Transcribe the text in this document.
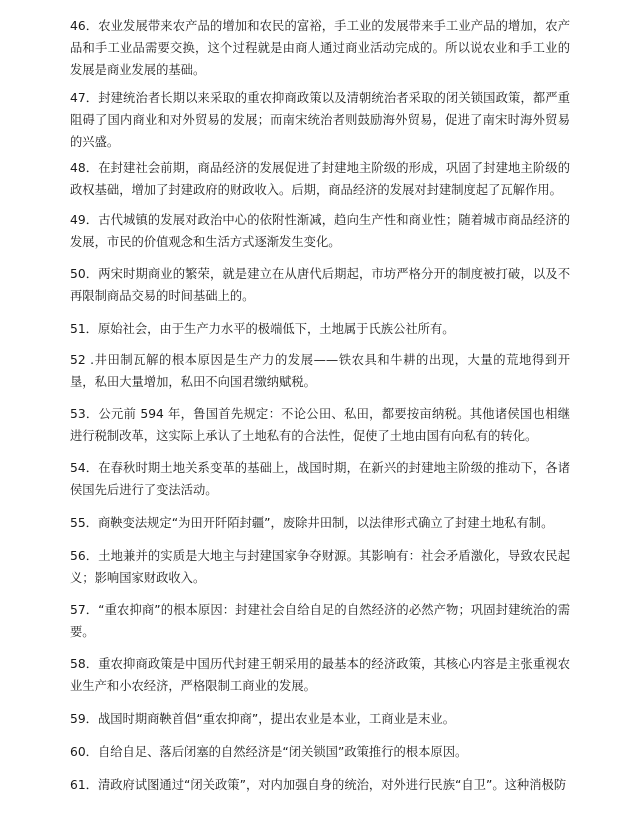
46．农业发展带来农产品的增加和农民的富裕，手工业的发展带来手工业产品的增加，农产品和手工业品需要交换，这个过程就是由商人通过商业活动完成的。所以说农业和手工业的发展是商业发展的基础。

47．封建统治者长期以来采取的重农抑商政策以及清朝统治者采取的闭关锁国政策，都严重阻碍了国内商业和对外贸易的发展；而南宋统治者则鼓励海外贸易，促进了南宋时海外贸易的兴盛。

48．在封建社会前期，商品经济的发展促进了封建地主阶级的形成，巩固了封建地主阶级的政权基础，增加了封建政府的财政收入。后期，商品经济的发展对封建制度起了瓦解作用。

49．古代城镇的发展对政治中心的依附性渐减，趋向生产性和商业性；随着城市商品经济的发展，市民的价值观念和生活方式逐渐发生变化。

50．两宋时期商业的繁荣，就是建立在从唐代后期起，市坊严格分开的制度被打破，以及不再限制商品交易的时间基础上的。

51．原始社会，由于生产力水平的极端低下，土地属于氏族公社所有。

52 .井田制瓦解的根本原因是生产力的发展——铁农具和牛耕的出现，大量的荒地得到开垦，私田大量增加，私田不向国君缴纳赋税。

53．公元前 594 年，鲁国首先规定：不论公田、私田，都要按亩纳税。其他诸侯国也相继进行税制改革，这实际上承认了土地私有的合法性，促使了土地由国有向私有的转化。

54．在春秋时期土地关系变革的基础上，战国时期，在新兴的封建地主阶级的推动下，各诸侯国先后进行了变法活动。

55．商鞅变法规定“为田开阡陌封疆”，废除井田制，以法律形式确立了封建土地私有制。

56．土地兼并的实质是大地主与封建国家争夺财源。其影响有：社会矛盾激化，导致农民起义；影响国家财政收入。

57．“重农抑商”的根本原因：封建社会自给自足的自然经济的必然产物；巩固封建统治的需要。

58．重农抑商政策是中国历代封建王朝采用的最基本的经济政策，其核心内容是主张重视农业生产和小农经济，严格限制工商业的发展。

59．战国时期商鞅首倡“重农抑商”，提出农业是本业，工商业是末业。

60．自给自足、落后闭塞的自然经济是“闭关锁国”政策推行的根本原因。

61．清政府试图通过“闭关政策”，对内加强自身的统治，对外进行民族“自卫”。这种消极防
